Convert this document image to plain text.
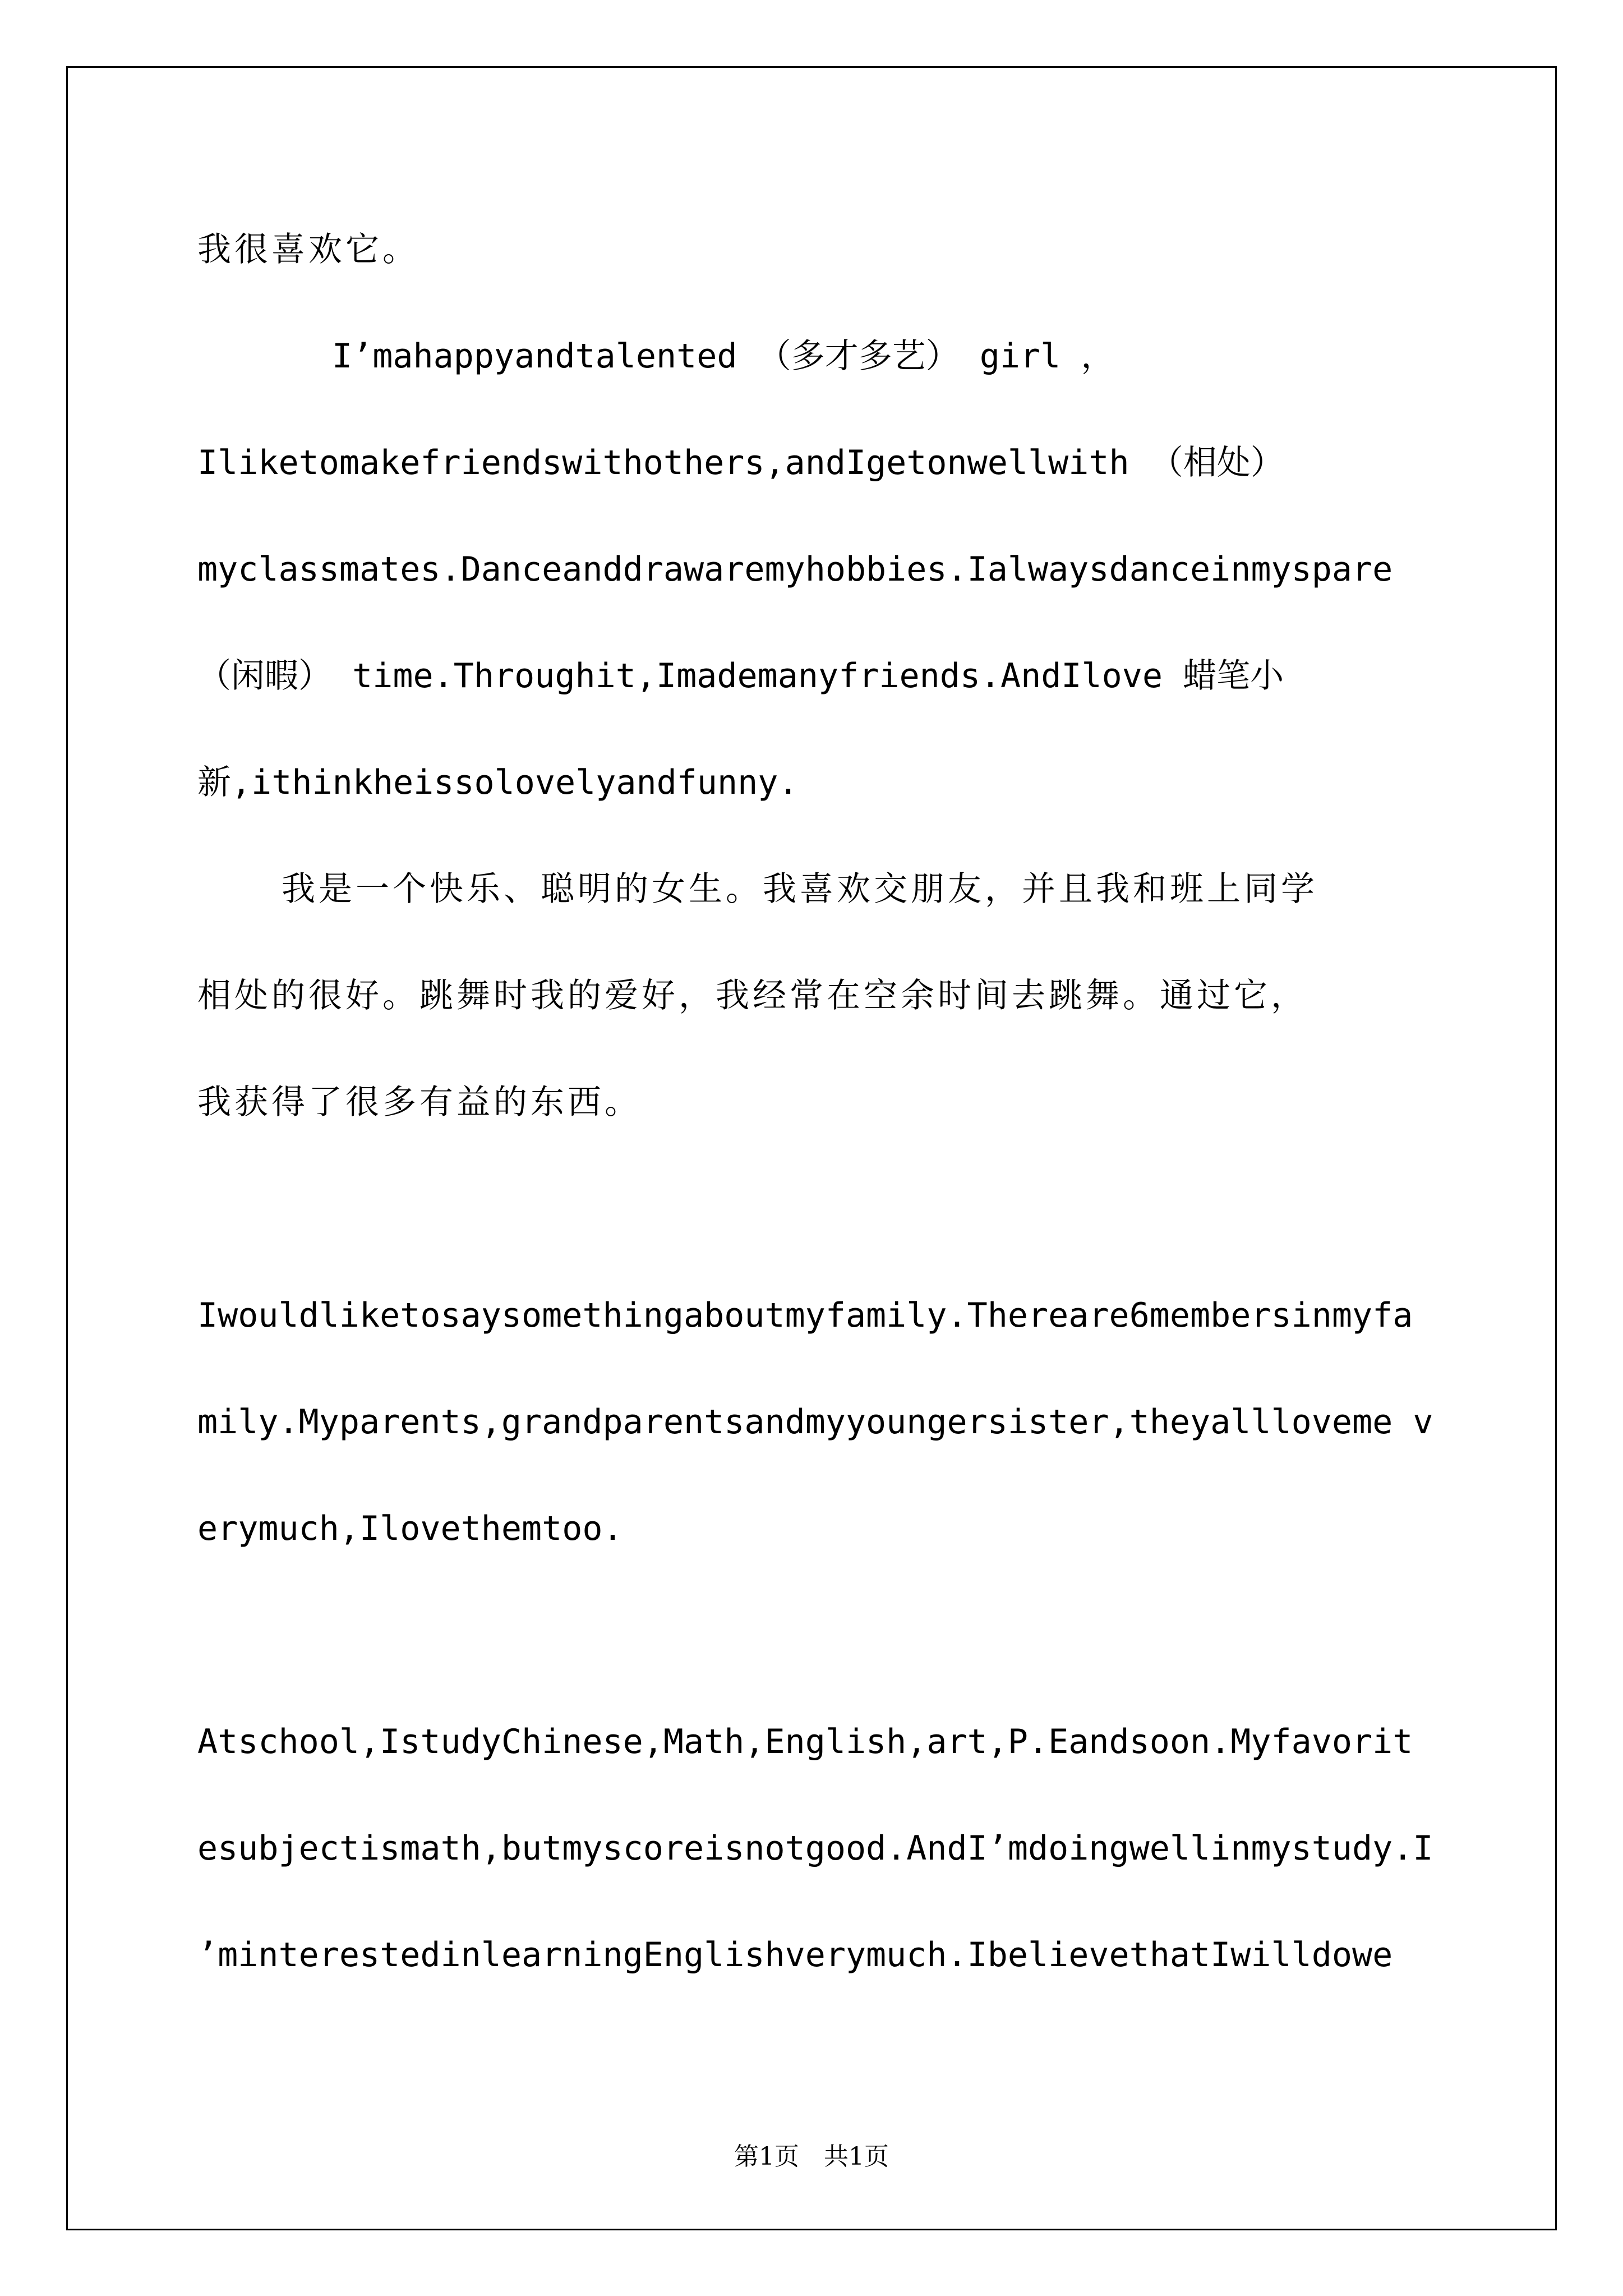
我很喜欢它。
I’mahappyandtalented （多才多艺） girl ，
Iliketomakefriendswithothers,andIgetonwellwith （相处）
myclassmates.Danceanddrawaremyhobbies.Ialwaysdanceinmyspare
（闲暇） time.Throughit,Imademanyfriends.AndIlove 蜡笔小
新,ithinkheissolovelyandfunny.
我是一个快乐、聪明的女生。我喜欢交朋友，并且我和班上同学
相处的很好。跳舞时我的爱好，我经常在空余时间去跳舞。通过它，
我获得了很多有益的东西。
Iwouldliketosaysomethingaboutmyfamily.Thereare6membersinmyfa
mily.Myparents,grandparentsandmyyoungersister,theyallloveme v
erymuch,Ilovethemtoo.
Atschool,IstudyChinese,Math,English,art,P.Eandsoon.Myfavorit
esubjectismath,butmyscoreisnotgood.AndI’mdoingwellinmystudy.I
’minterestedinlearningEnglishverymuch.IbelievethatIwilldowe
第1页　共1页
